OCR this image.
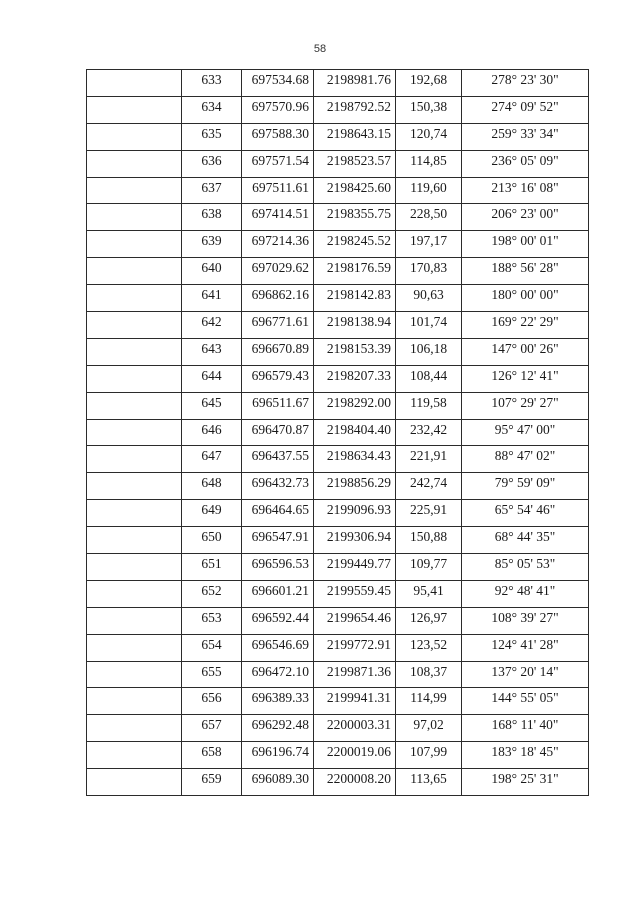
58
	633	697534.68	2198981.76	192,68	278° 23' 30"
	634	697570.96	2198792.52	150,38	274° 09' 52"
	635	697588.30	2198643.15	120,74	259° 33' 34"
	636	697571.54	2198523.57	114,85	236° 05' 09"
	637	697511.61	2198425.60	119,60	213° 16' 08"
	638	697414.51	2198355.75	228,50	206° 23' 00"
	639	697214.36	2198245.52	197,17	198° 00' 01"
	640	697029.62	2198176.59	170,83	188° 56' 28"
	641	696862.16	2198142.83	90,63	180° 00' 00"
	642	696771.61	2198138.94	101,74	169° 22' 29"
	643	696670.89	2198153.39	106,18	147° 00' 26"
	644	696579.43	2198207.33	108,44	126° 12' 41"
	645	696511.67	2198292.00	119,58	107° 29' 27"
	646	696470.87	2198404.40	232,42	95° 47' 00"
	647	696437.55	2198634.43	221,91	88° 47' 02"
	648	696432.73	2198856.29	242,74	79° 59' 09"
	649	696464.65	2199096.93	225,91	65° 54' 46"
	650	696547.91	2199306.94	150,88	68° 44' 35"
	651	696596.53	2199449.77	109,77	85° 05' 53"
	652	696601.21	2199559.45	95,41	92° 48' 41"
	653	696592.44	2199654.46	126,97	108° 39' 27"
	654	696546.69	2199772.91	123,52	124° 41' 28"
	655	696472.10	2199871.36	108,37	137° 20' 14"
	656	696389.33	2199941.31	114,99	144° 55' 05"
	657	696292.48	2200003.31	97,02	168° 11' 40"
	658	696196.74	2200019.06	107,99	183° 18' 45"
	659	696089.30	2200008.20	113,65	198° 25' 31"
